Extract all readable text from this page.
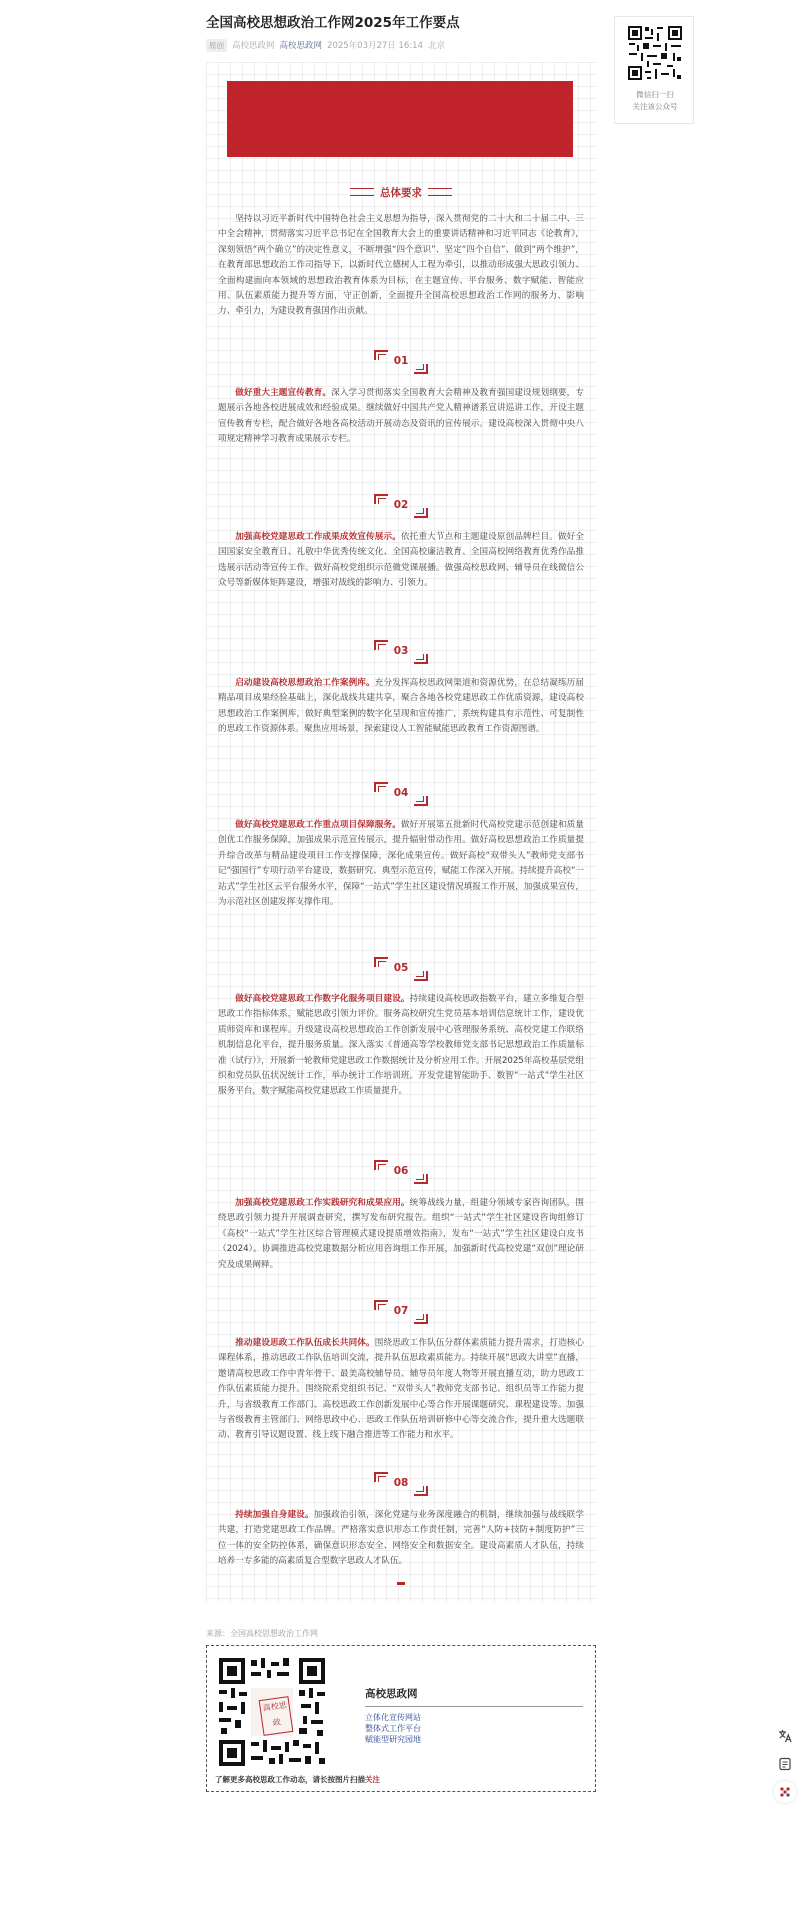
全国高校思想政治工作网2025年工作要点
原创 高校思政网 高校思政网 2025年03月27日 16:14 北京
总体要求

坚持以习近平新时代中国特色社会主义思想为指导，深入贯彻党的二十大和二十届二中、三中全会精神，贯彻落实习近平总书记在全国教育大会上的重要讲话精神和习近平同志《论教育》，深刻领悟“两个确立”的决定性意义，不断增强“四个意识”、坚定“四个自信”、做到“两个维护”，在教育部思想政治工作司指导下，以新时代立德树人工程为牵引，以推动形成强大思政引领力、全面构建面向本领域的思想政治教育体系为目标，在主题宣传、平台服务、数字赋能、智能应用、队伍素质能力提升等方面，守正创新，全面提升全国高校思想政治工作网的服务力、影响力、牵引力，为建设教育强国作出贡献。

01

做好重大主题宣传教育。深入学习贯彻落实全国教育大会精神及教育强国建设规划纲要，专题展示各地各校进展成效和经验成果。继续做好中国共产党人精神谱系宣讲巡讲工作，开设主题宣传教育专栏，配合做好各地各高校活动开展动态及资讯的宣传展示。建设高校深入贯彻中央八项规定精神学习教育成果展示专栏。

02

加强高校党建思政工作成果成效宣传展示。依托重大节点和主题建设原创品牌栏目。做好全国国家安全教育日、礼敬中华优秀传统文化、全国高校廉洁教育、全国高校网络教育优秀作品推选展示活动等宣传工作。做好高校党组织示范微党课展播。做强高校思政网、辅导员在线微信公众号等新媒体矩阵建设，增强对战线的影响力、引领力。

03

启动建设高校思想政治工作案例库。充分发挥高校思政网渠道和资源优势，在总结凝练历届精品项目成果经验基础上，深化战线共建共享，聚合各地各校党建思政工作优质资源，建设高校思想政治工作案例库，做好典型案例的数字化呈现和宣传推广，系统构建具有示范性、可复制性的思政工作资源体系。聚焦应用场景，探索建设人工智能赋能思政教育工作资源图谱。

04

做好高校党建思政工作重点项目保障服务。做好开展第五批新时代高校党建示范创建和质量创优工作服务保障，加强成果示范宣传展示，提升辐射带动作用。做好高校思想政治工作质量提升综合改革与精品建设项目工作支撑保障，深化成果宣传。做好高校“双带头人”教师党支部书记“强国行”专项行动平台建设，数据研究、典型示范宣传，赋能工作深入开展。持续提升高校“一站式”学生社区云平台服务水平，保障“一站式”学生社区建设情况填报工作开展，加强成果宣传，为示范社区创建发挥支撑作用。

05

做好高校党建思政工作数字化服务项目建设。持续建设高校思政指数平台，建立多维复合型思政工作指标体系，赋能思政引领力评价。服务高校研究生党员基本培训信息统计工作，建设优质师资库和课程库。升级建设高校思想政治工作创新发展中心管理服务系统、高校党建工作联络机制信息化平台，提升服务质量。深入落实《普通高等学校教师党支部书记思想政治工作质量标准（试行）》，开展新一轮教师党建思政工作数据统计及分析应用工作。开展2025年高校基层党组织和党员队伍状况统计工作，举办统计工作培训班。开发党建智能助手、数智“一站式”学生社区服务平台，数字赋能高校党建思政工作质量提升。

06

加强高校党建思政工作实践研究和成果应用。统筹战线力量，组建分领域专家咨询团队，围绕思政引领力提升开展调查研究，撰写发布研究报告。组织“一站式”学生社区建设咨询组修订《高校“一站式”学生社区综合管理模式建设提质增效指南》，发布“一站式”学生社区建设白皮书（2024）。协调推进高校党建数据分析应用咨询组工作开展，加强新时代高校党建“双创”理论研究及成果阐释。

07

推动建设思政工作队伍成长共同体。围绕思政工作队伍分群体素质能力提升需求，打造核心课程体系，推动思政工作队伍培训交流，提升队伍思政素质能力。持续开展“思政大讲堂”直播，邀请高校思政工作中青年骨干、最美高校辅导员、辅导员年度人物等开展直播互动，助力思政工作队伍素质能力提升。围绕院系党组织书记、“双带头人”教师党支部书记、组织员等工作能力提升，与省级教育工作部门、高校思政工作创新发展中心等合作开展课题研究、课程建设等。加强与省级教育主管部门、网络思政中心、思政工作队伍培训研修中心等交流合作，提升重大选题联动、教育引导议题设置、线上线下融合推进等工作能力和水平。

08

持续加强自身建设。加强政治引领，深化党建与业务深度融合的机制，继续加强与战线联学共建，打造党建思政工作品牌。严格落实意识形态工作责任制，完善“人防+技防+制度防护”三位一体的安全防控体系，确保意识形态安全、网络安全和数据安全。建设高素质人才队伍，持续培养一专多能的高素质复合型数字思政人才队伍。

来源：全国高校思想政治工作网
高校思政
高校思政网
立体化宣传网站
整体式工作平台
赋能型研究园地
了解更多高校思政工作动态，请长按图片扫描关注
微信扫一扫
关注该公众号
